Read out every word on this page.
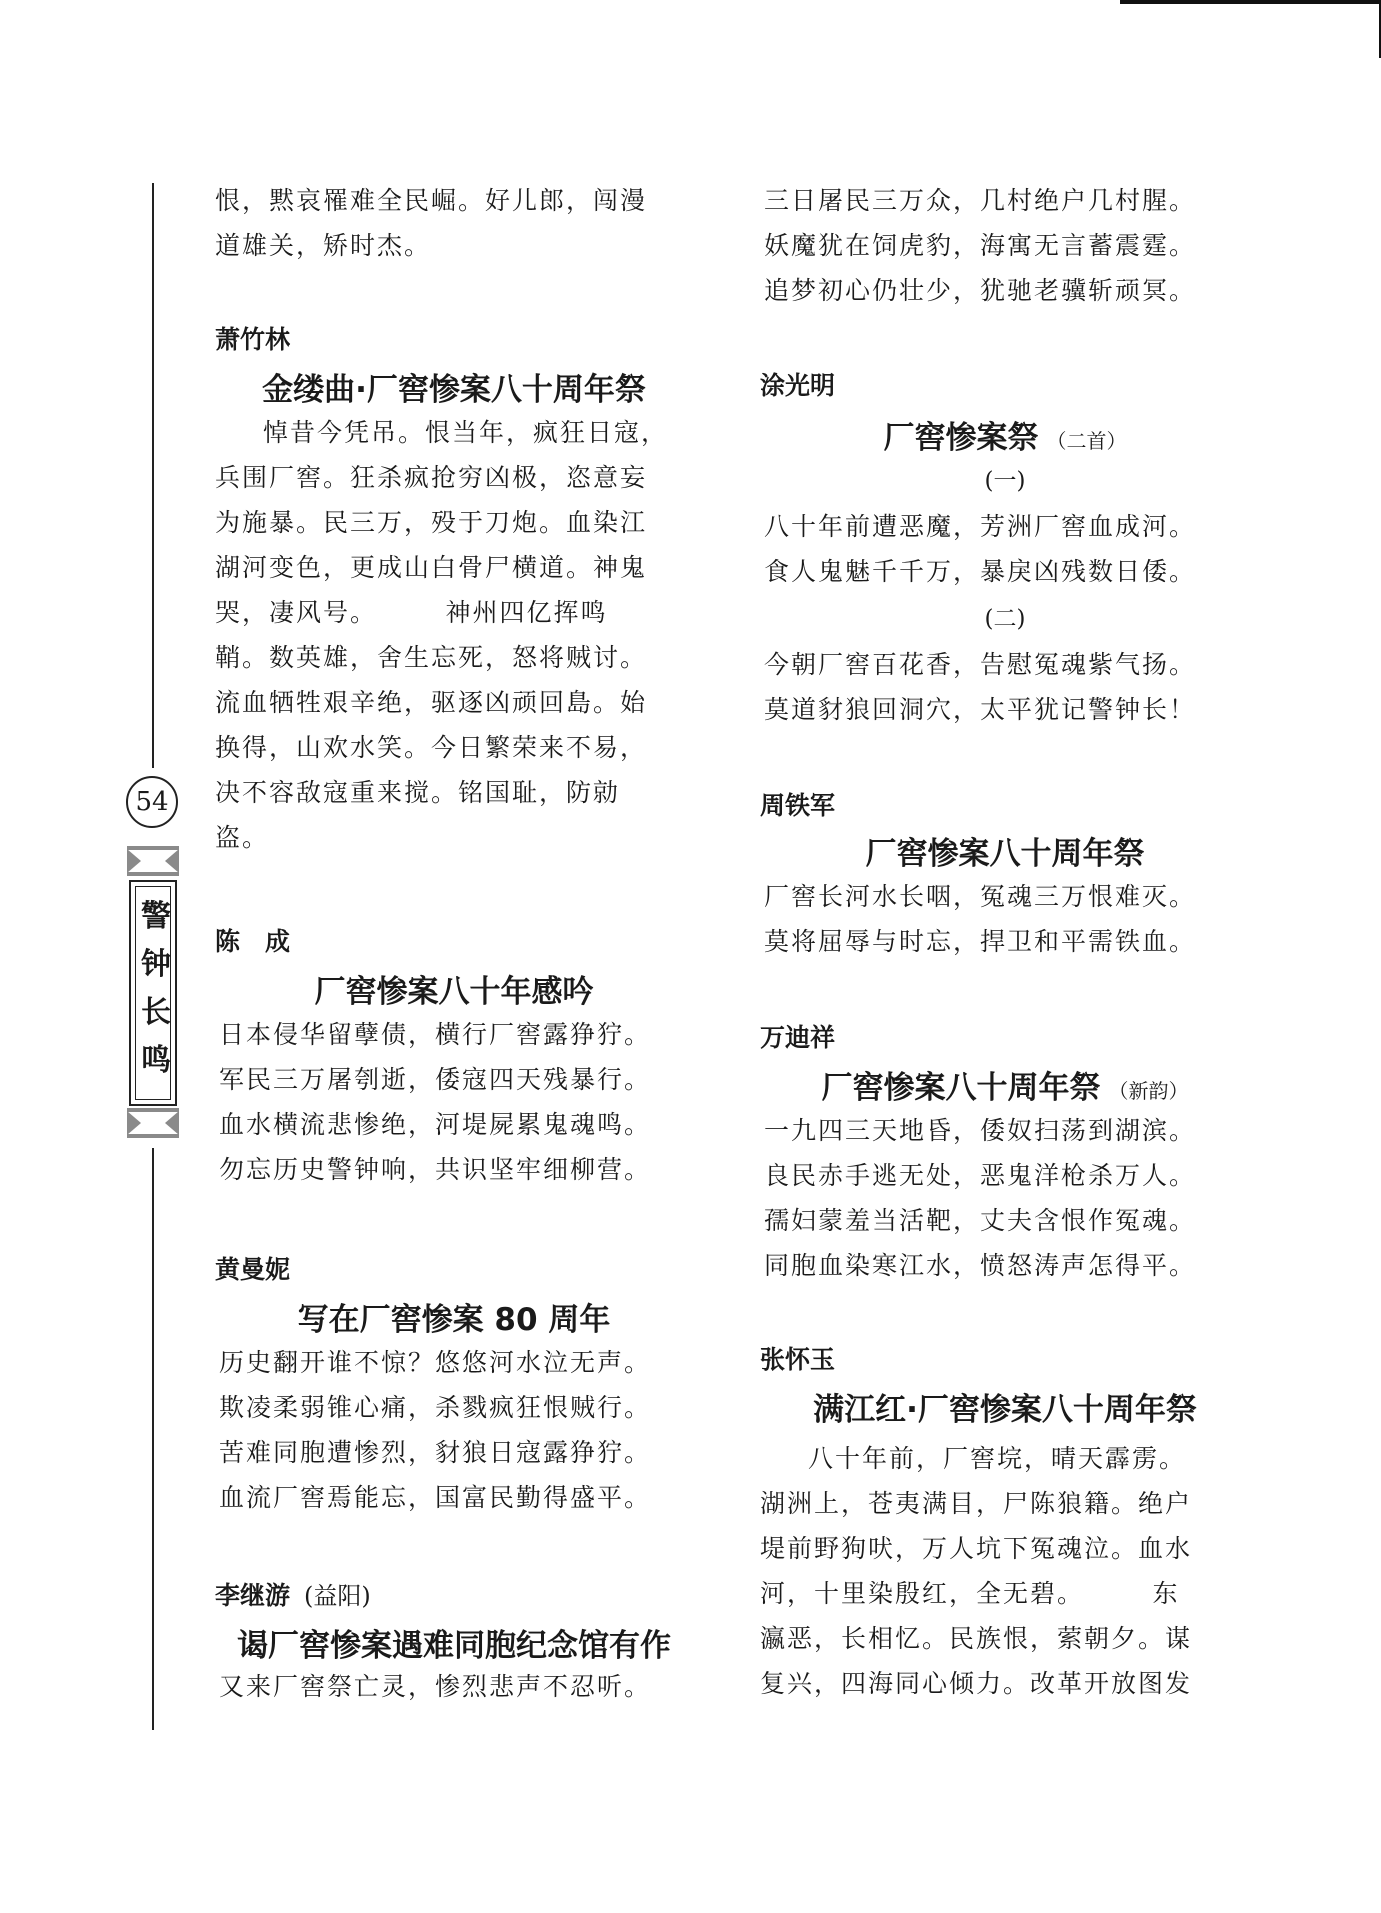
54
警
钟
长
鸣
恨，黙哀罹难全民崛。好儿郎，闯漫
道雄关，矫时杰。
萧竹林
金缕曲·厂窖惨案八十周年祭
悼昔今凭吊。恨当年，疯狂日寇，
兵围厂窖。狂杀疯抢穷凶极，恣意妄
为施暴。民三万，殁于刀炮。血染江
湖河变色，更成山白骨尸横道。神鬼
哭，凄风号。　　　神州四亿挥鸣
鞘。数英雄，舍生忘死，怒将贼讨。
流血牺牲艰辛绝，驱逐凶顽回島。始
换得，山欢水笑。今日繁荣来不易，
决不容敌寇重来搅。铭国耻，防勍
盗。
陈　成
厂窖惨案八十年感吟
日本侵华留孽债，横行厂窖露狰狞。
军民三万屠刳逝，倭寇四天残暴行。
血水横流悲惨绝，河堤屍累鬼魂鸣。
勿忘历史警钟响，共识坚牢细柳营。
黄曼妮
写在厂窖惨案 80 周年
历史翻开谁不惊？悠悠河水泣无声。
欺凌柔弱锥心痛，杀戮疯狂恨贼行。
苦难同胞遭惨烈，豺狼日寇露狰狞。
血流厂窖焉能忘，国富民勤得盛平。
李继游 (益阳)
谒厂窖惨案遇难同胞纪念馆有作
又来厂窖祭亡灵，惨烈悲声不忍听。
三日屠民三万众，几村绝户几村腥。
妖魔犹在饲虎豹，海寓无言蓄震霆。
追梦初心仍壮少，犹驰老骥斩顽冥。
涂光明
厂窖惨案祭 （二首）
(一)
八十年前遭恶魔，芳洲厂窖血成河。
食人鬼魅千千万，暴戾凶残数日倭。
(二)
今朝厂窖百花香，告慰冤魂紫气扬。
莫道豺狼回洞穴，太平犹记警钟长！
周铁军
厂窖惨案八十周年祭
厂窖长河水长咽，冤魂三万恨难灭。
莫将屈辱与时忘，捍卫和平需铁血。
万迪祥
厂窖惨案八十周年祭 （新韵）
一九四三天地昏，倭奴扫荡到湖滨。
良民赤手逃无处，恶鬼洋枪杀万人。
孺妇蒙羞当活靶，丈夫含恨作冤魂。
同胞血染寒江水，愤怒涛声怎得平。
张怀玉
满江红·厂窖惨案八十周年祭
八十年前，厂窖垸，晴天霹雳。
湖洲上，苍夷满目，尸陈狼籍。绝户
堤前野狗吠，万人坑下冤魂泣。血水
河，十里染殷红，全无碧。　　　东
瀛恶，长相忆。民族恨，萦朝夕。谋
复兴，四海同心倾力。改革开放图发
